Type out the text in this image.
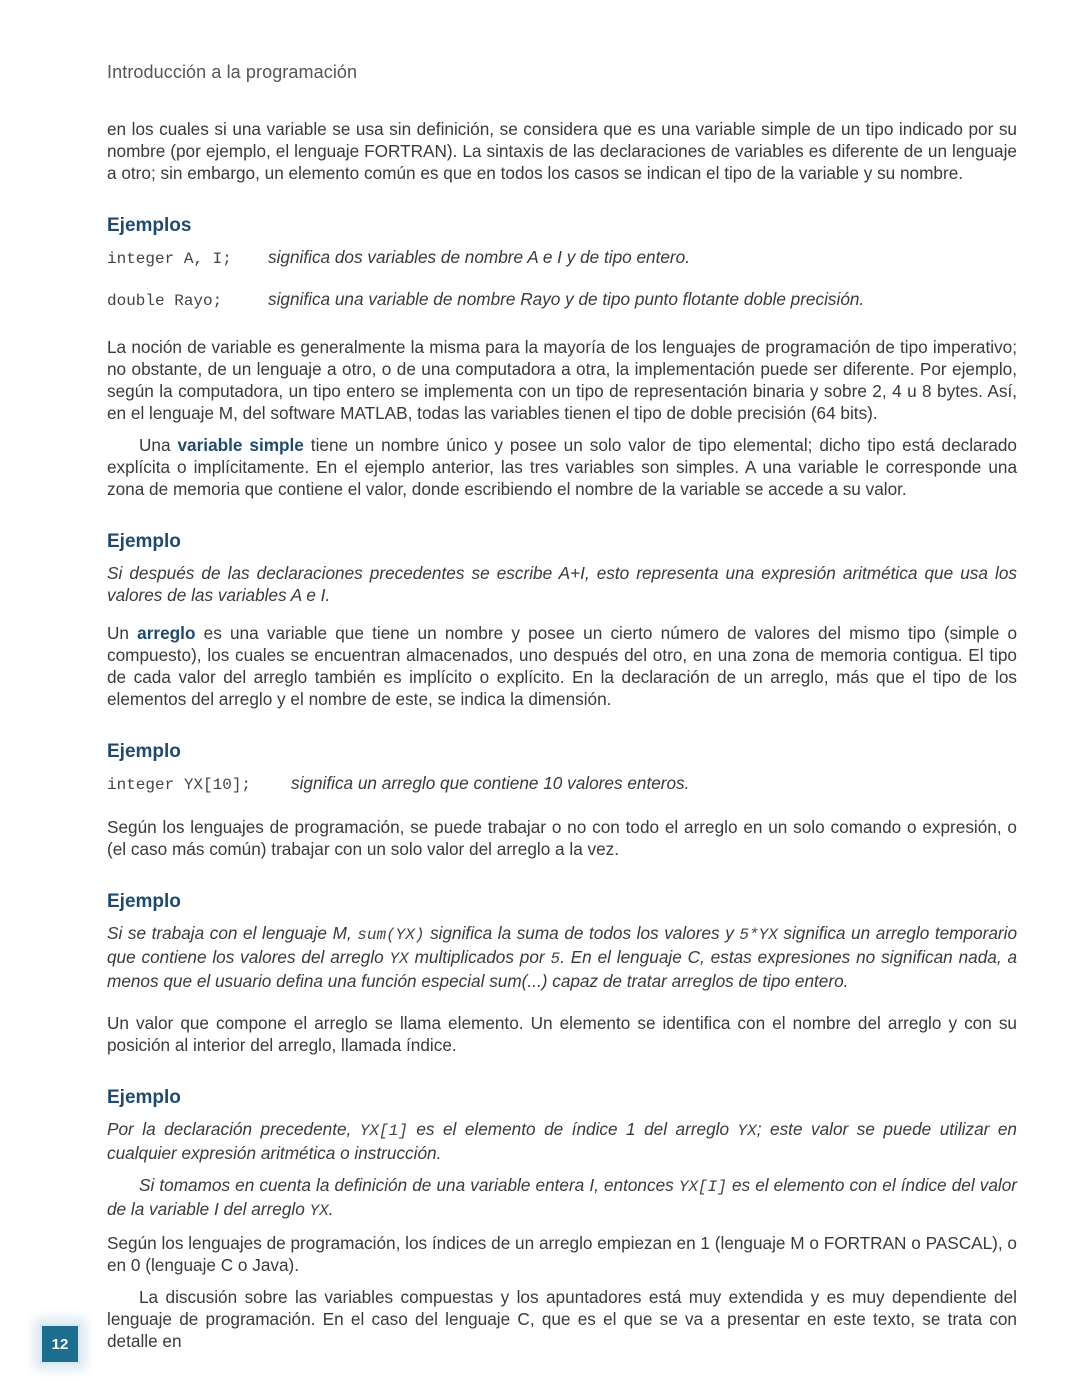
Introducción a la programación

en los cuales si una variable se usa sin definición, se considera que es una variable simple de un tipo indicado por su nombre (por ejemplo, el lenguaje FORTRAN). La sintaxis de las declaraciones de variables es diferente de un lenguaje a otro; sin embargo, un elemento común es que en todos los casos se indican el tipo de la variable y su nombre.

Ejemplos
integer A, I;	significa dos variables de nombre A e I y de tipo entero.
double Rayo;	significa una variable de nombre Rayo y de tipo punto flotante doble precisión.

La noción de variable es generalmente la misma para la mayoría de los lenguajes de programación de tipo imperativo; no obstante, de un lenguaje a otro, o de una computadora a otra, la implementación puede ser diferente. Por ejemplo, según la computadora, un tipo entero se implementa con un tipo de representación binaria y sobre 2, 4 u 8 bytes. Así, en el lenguaje M, del software MATLAB, todas las variables tienen el tipo de doble precisión (64 bits).

Una variable simple tiene un nombre único y posee un solo valor de tipo elemental; dicho tipo está declarado explícita o implícitamente. En el ejemplo anterior, las tres variables son simples. A una variable le corresponde una zona de memoria que contiene el valor, donde escribiendo el nombre de la variable se accede a su valor.

Ejemplo

Si después de las declaraciones precedentes se escribe A+I, esto representa una expresión aritmética que usa los valores de las variables A e I.

Un arreglo es una variable que tiene un nombre y posee un cierto número de valores del mismo tipo (simple o compuesto), los cuales se encuentran almacenados, uno después del otro, en una zona de memoria contigua. El tipo de cada valor del arreglo también es implícito o explícito. En la declaración de un arreglo, más que el tipo de los elementos del arreglo y el nombre de este, se indica la dimensión.

Ejemplo
integer YX[10];	significa un arreglo que contiene 10 valores enteros.

Según los lenguajes de programación, se puede trabajar o no con todo el arreglo en un solo comando o expresión, o (el caso más común) trabajar con un solo valor del arreglo a la vez.

Ejemplo

Si se trabaja con el lenguaje M, sum(YX) significa la suma de todos los valores y 5*YX significa un arreglo temporario que contiene los valores del arreglo YX multiplicados por 5. En el lenguaje C, estas expresiones no significan nada, a menos que el usuario defina una función especial sum(...) capaz de tratar arreglos de tipo entero.

Un valor que compone el arreglo se llama elemento. Un elemento se identifica con el nombre del arreglo y con su posición al interior del arreglo, llamada índice.

Ejemplo

Por la declaración precedente, YX[1] es el elemento de índice 1 del arreglo YX; este valor se puede utilizar en cualquier expresión aritmética o instrucción.

Si tomamos en cuenta la definición de una variable entera I, entonces YX[I] es el elemento con el índice del valor de la variable I del arreglo YX.

Según los lenguajes de programación, los índices de un arreglo empiezan en 1 (lenguaje M o FORTRAN o PASCAL), o en 0 (lenguaje C o Java).

La discusión sobre las variables compuestas y los apuntadores está muy extendida y es muy dependiente del lenguaje de programación. En el caso del lenguaje C, que es el que se va a presentar en este texto, se trata con detalle en

12
